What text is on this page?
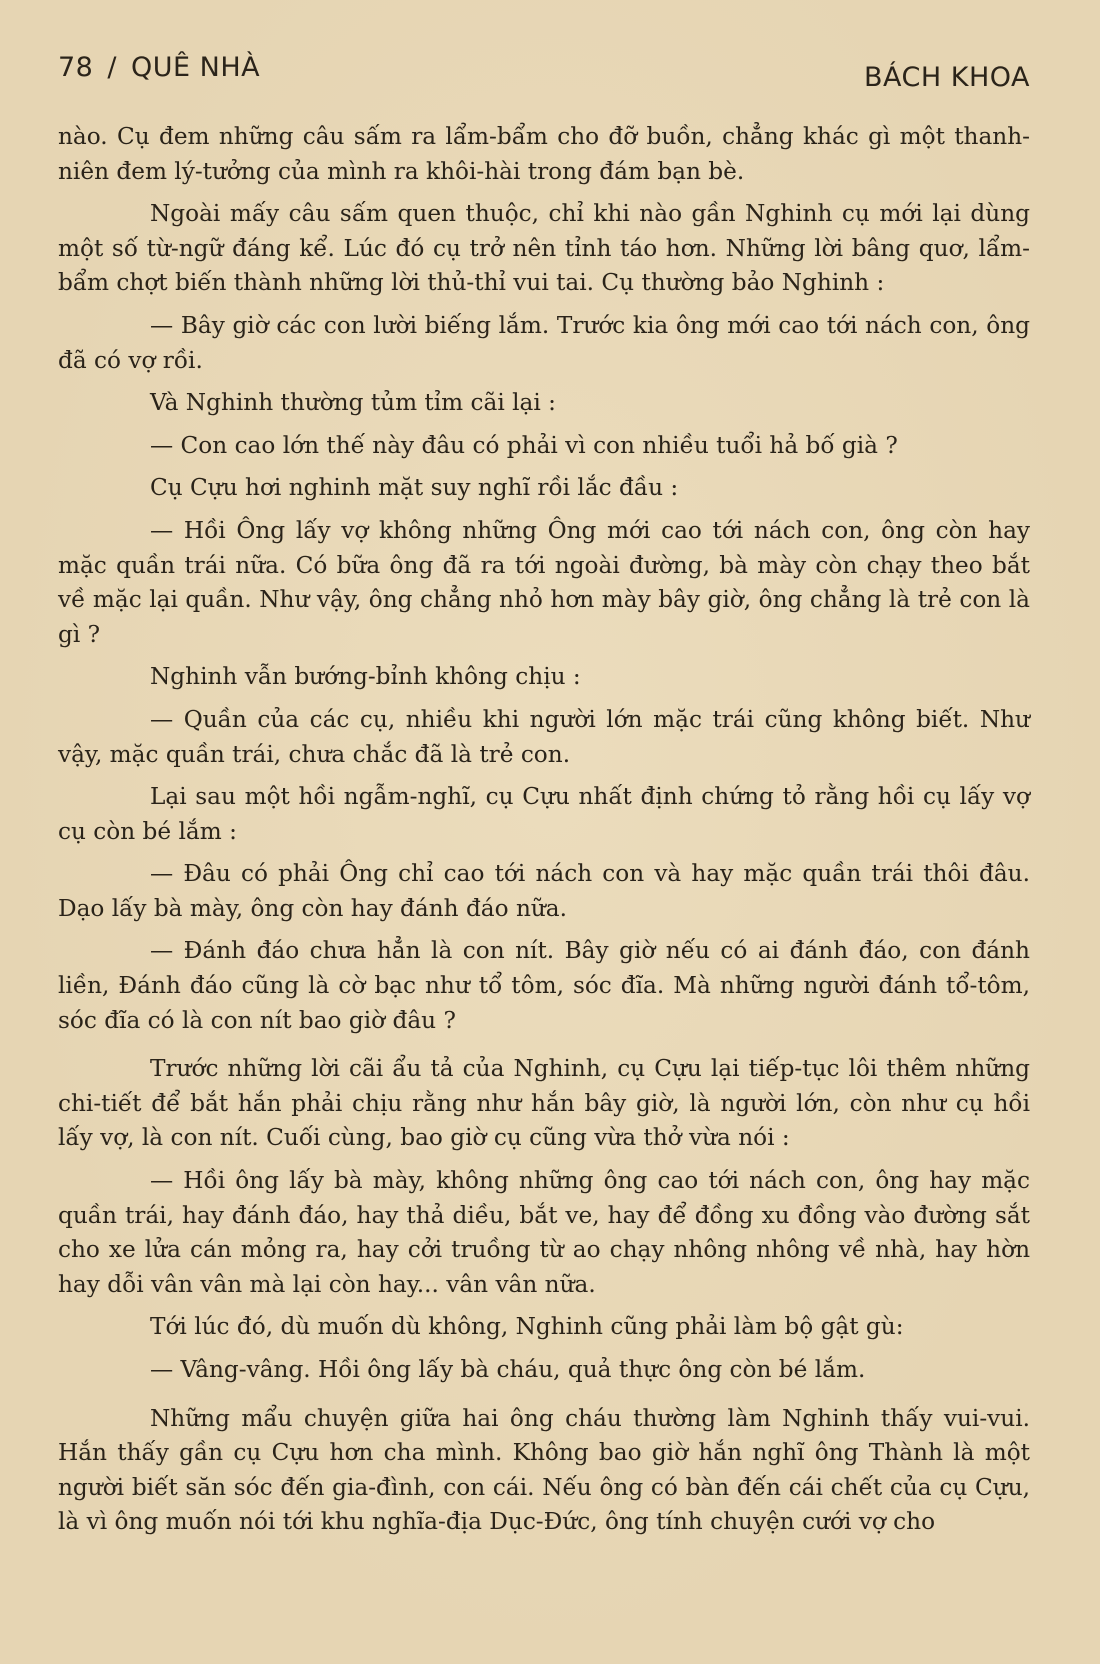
78 / QUÊ NHÀ	BÁCH KHOA

nào. Cụ đem những câu sấm ra lẩm-bẩm cho đỡ buồn, chẳng khác gì một thanh-niên đem lý-tưởng của mình ra khôi-hài trong đám bạn bè.

Ngoài mấy câu sấm quen thuộc, chỉ khi nào gần Nghinh cụ mới lại dùng một số từ-ngữ đáng kể. Lúc đó cụ trở nên tỉnh táo hơn. Những lời bâng quơ, lẩm-bẩm chợt biến thành những lời thủ-thỉ vui tai. Cụ thường bảo Nghinh :

— Bây giờ các con lười biếng lắm. Trước kia ông mới cao tới nách con, ông đã có vợ rồi.

Và Nghinh thường tủm tỉm cãi lại :

— Con cao lớn thế này đâu có phải vì con nhiều tuổi hả bố già ?

Cụ Cựu hơi nghinh mặt suy nghĩ rồi lắc đầu :

— Hồi Ông lấy vợ không những Ông mới cao tới nách con, ông còn hay mặc quần trái nữa. Có bữa ông đã ra tới ngoài đường, bà mày còn chạy theo bắt về mặc lại quần. Như vậy, ông chẳng nhỏ hơn mày bây giờ, ông chẳng là trẻ con là gì ?

Nghinh vẫn bướng-bỉnh không chịu :

— Quần của các cụ, nhiều khi người lớn mặc trái cũng không biết. Như vậy, mặc quần trái, chưa chắc đã là trẻ con.

Lại sau một hồi ngẫm-nghĩ, cụ Cựu nhất định chứng tỏ rằng hồi cụ lấy vợ cụ còn bé lắm :

— Đâu có phải Ông chỉ cao tới nách con và hay mặc quần trái thôi đâu. Dạo lấy bà mày, ông còn hay đánh đáo nữa.

— Đánh đáo chưa hẳn là con nít. Bây giờ nếu có ai đánh đáo, con đánh liền, Đánh đáo cũng là cờ bạc như tổ tôm, sóc đĩa. Mà những người đánh tổ-tôm, sóc đĩa có là con nít bao giờ đâu ?

Trước những lời cãi ẩu tả của Nghinh, cụ Cựu lại tiếp-tục lôi thêm những chi-tiết để bắt hắn phải chịu rằng như hắn bây giờ, là người lớn, còn như cụ hồi lấy vợ, là con nít. Cuối cùng, bao giờ cụ cũng vừa thở vừa nói :

— Hồi ông lấy bà mày, không những ông cao tới nách con, ông hay mặc quần trái, hay đánh đáo, hay thả diều, bắt ve, hay để đồng xu đồng vào đường sắt cho xe lửa cán mỏng ra, hay cởi truồng từ ao chạy nhông nhông về nhà, hay hờn hay dỗi vân vân mà lại còn hay... vân vân nữa.

Tới lúc đó, dù muốn dù không, Nghinh cũng phải làm bộ gật gù:

— Vâng-vâng. Hồi ông lấy bà cháu, quả thực ông còn bé lắm.

Những mẩu chuyện giữa hai ông cháu thường làm Nghinh thấy vui-vui. Hắn thấy gần cụ Cựu hơn cha mình. Không bao giờ hắn nghĩ ông Thành là một người biết săn sóc đến gia-đình, con cái. Nếu ông có bàn đến cái chết của cụ Cựu, là vì ông muốn nói tới khu nghĩa-địa Dục-Đức, ông tính chuyện cưới vợ cho
